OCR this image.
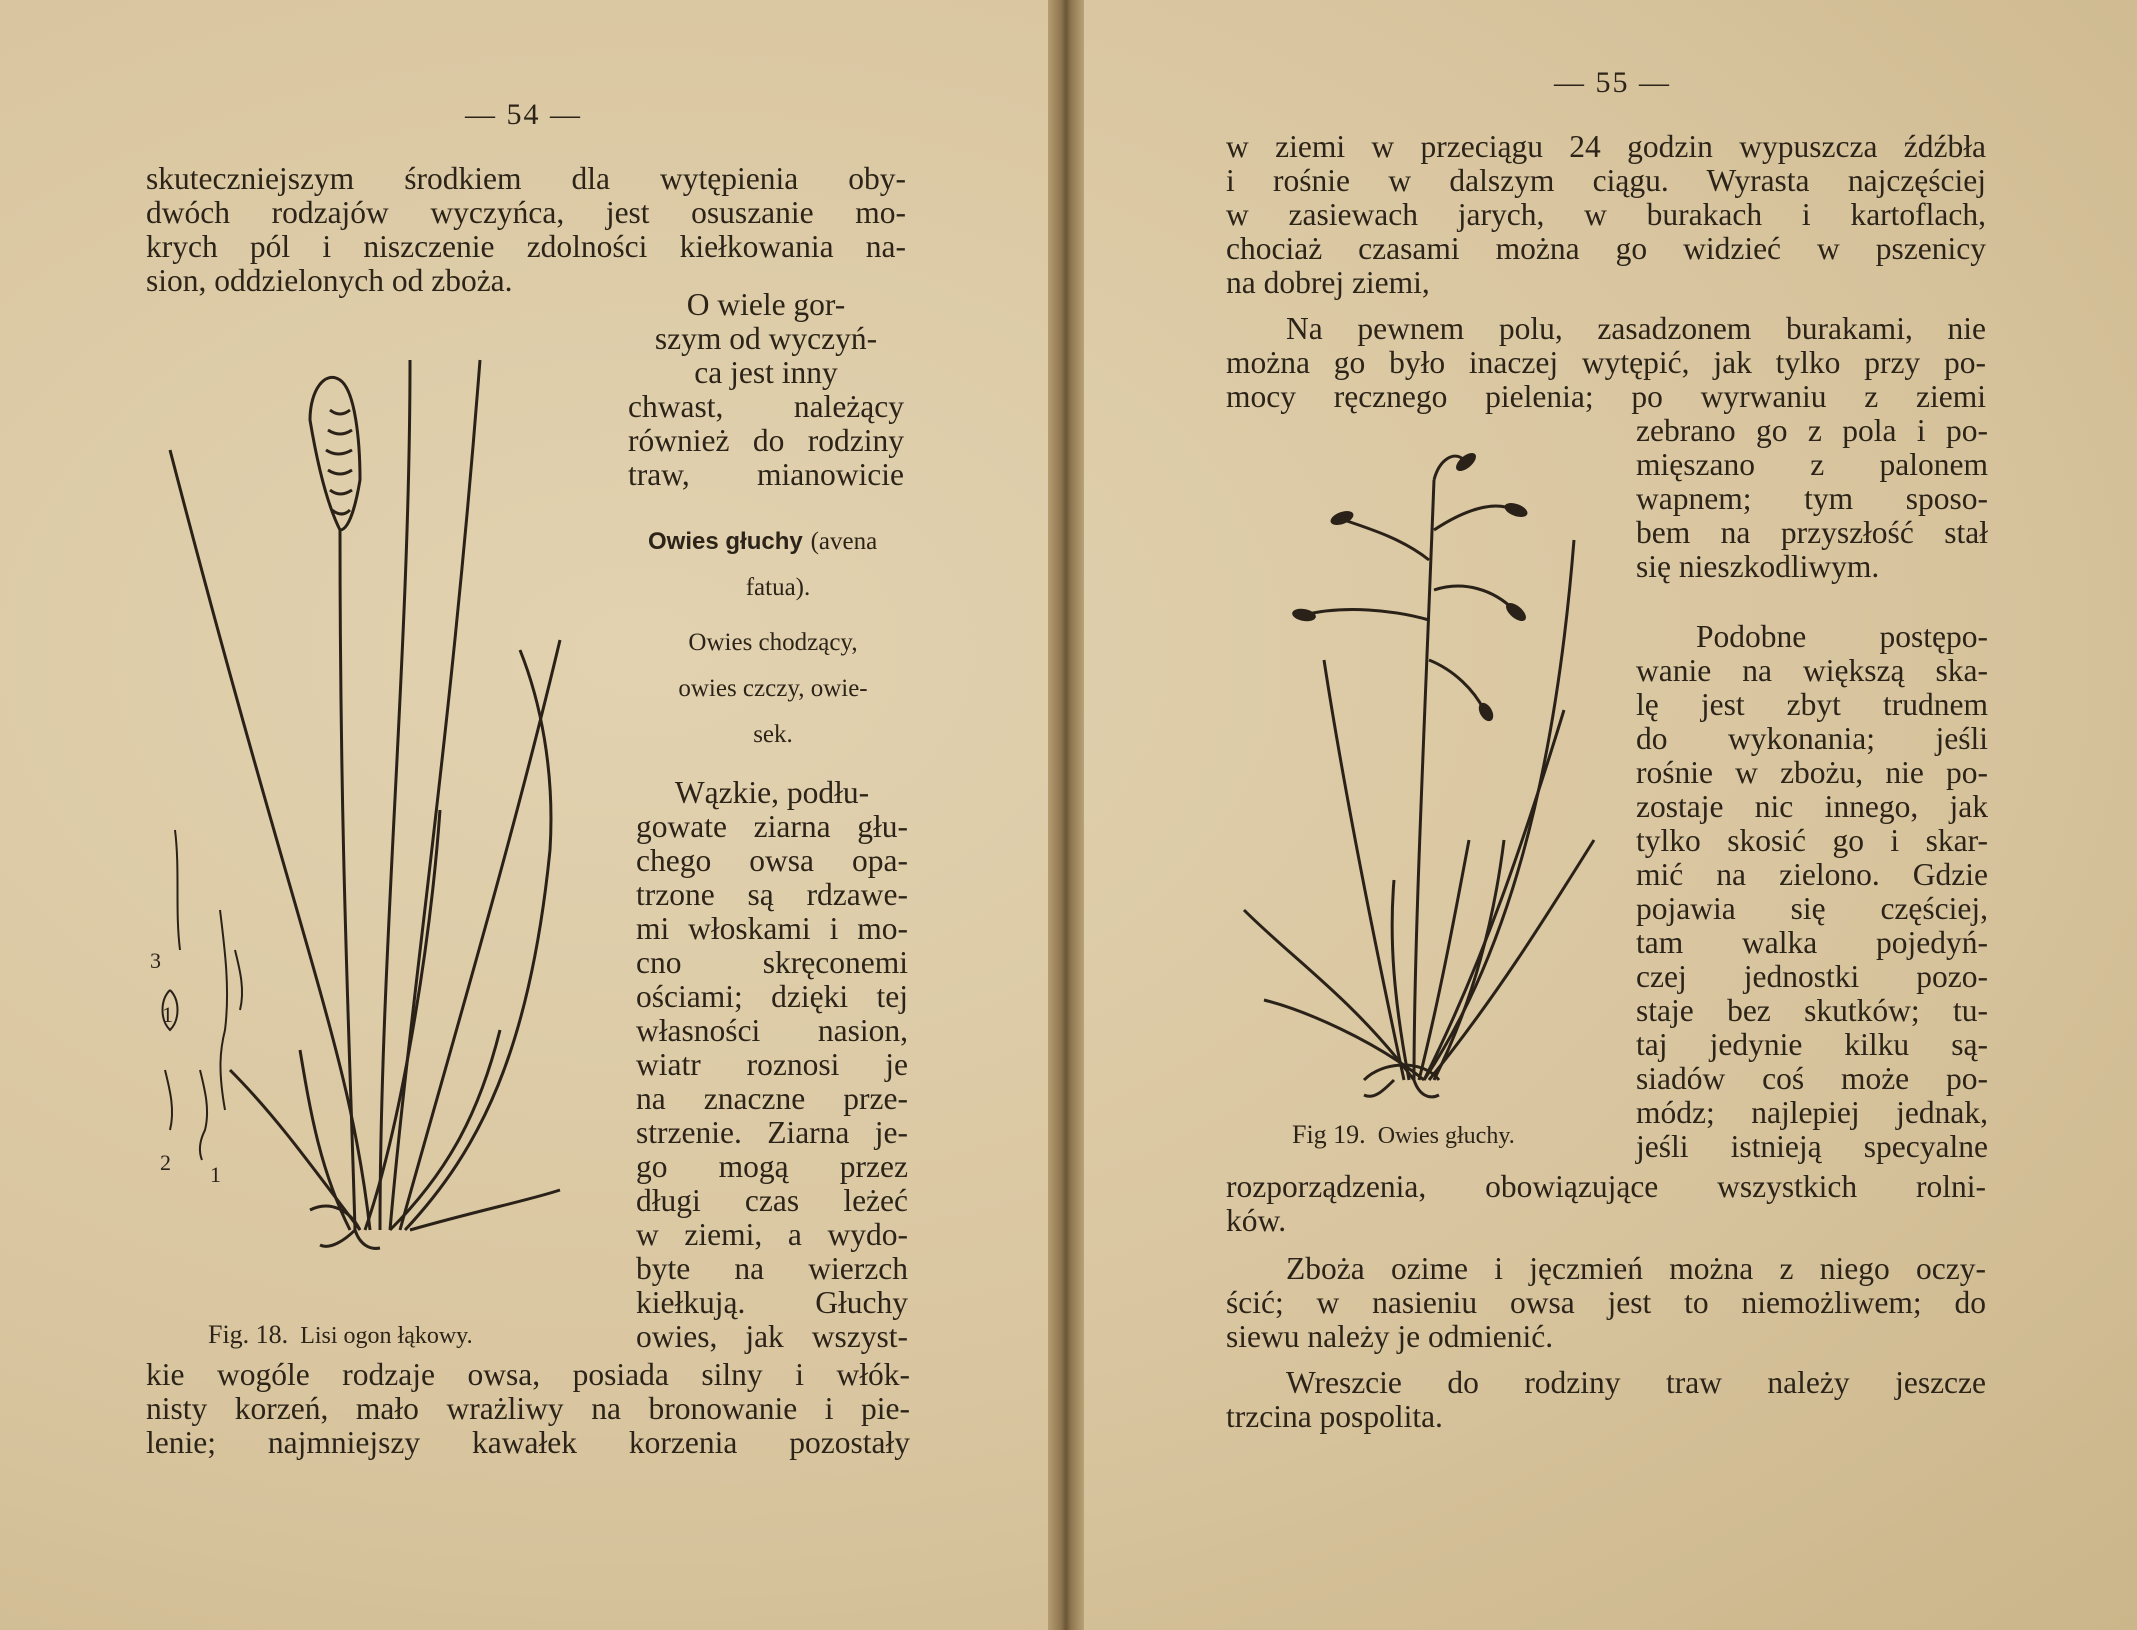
— 54 —

skuteczniejszym środkiem dla wytępienia oby-

dwóch rodzajów wyczyńca, jest osuszanie mo-

krych pól i niszczenie zdolności kiełkowania na-

sion, oddzielonych od zboża.

O wiele gor-

szym od wyczyń-

ca jest inny

chwast, należący

również do rodziny

traw, mianowicie

Owies głuchy (avena

fatua).

Owies chodzący,

owies czczy, owie-

sek.

Wązkie, podłu-

gowate ziarna głu-

chego owsa opa-

trzone są rdzawe-

mi włoskami i mo-

cno skręconemi

ościami; dzięki tej

własności nasion,

wiatr roznosi je

na znaczne prze-

strzenie. Ziarna je-

go mogą przez

długi czas leżeć

w ziemi, a wydo-

byte na wierzch

kiełkują. Głuchy

owies, jak wszyst-

kie wogóle rodzaje owsa, posiada silny i włók-

nisty korzeń, mało wrażliwy na bronowanie i pie-

lenie; najmniejszy kawałek korzenia pozostały

3
1
2 1
Fig. 18. Lisi ogon łąkowy.
— 55 —

w ziemi w przeciągu 24 godzin wypuszcza źdźbła

i rośnie w dalszym ciągu. Wyrasta najczęściej

w zasiewach jarych, w burakach i kartoflach,

chociaż czasami można go widzieć w pszenicy

na dobrej ziemi,

Na pewnem polu, zasadzonem burakami, nie

można go było inaczej wytępić, jak tylko przy po-

mocy ręcznego pielenia; po wyrwaniu z ziemi

zebrano go z pola i po-

mięszano z palonem

wapnem; tym sposo-

bem na przyszłość stał

się nieszkodliwym.

Podobne postępo-

wanie na większą ska-

lę jest zbyt trudnem

do wykonania; jeśli

rośnie w zbożu, nie po-

zostaje nic innego, jak

tylko skosić go i skar-

mić na zielono. Gdzie

pojawia się częściej,

tam walka pojedyń-

czej jednostki pozo-

staje bez skutków; tu-

taj jedynie kilku są-

siadów coś może po-

módz; najlepiej jednak,

jeśli istnieją specyalne

rozporządzenia, obowiązujące wszystkich rolni-

ków.

Zboża ozime i jęczmień można z niego oczy-

ścić; w nasieniu owsa jest to niemożliwem; do

siewu należy je odmienić.

Wreszcie do rodziny traw należy jeszcze

trzcina pospolita.

Fig 19. Owies głuchy.
